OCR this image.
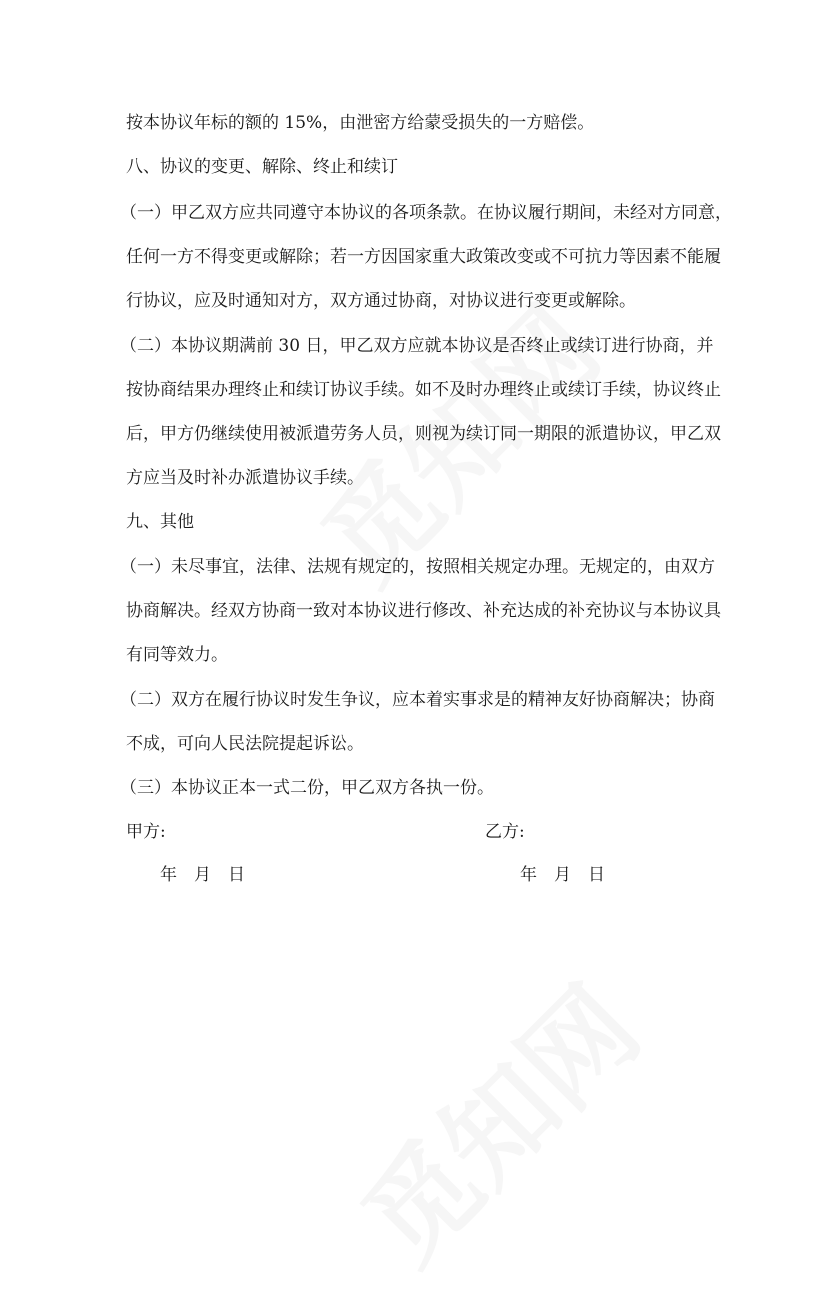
按本协议年标的额的 15%，由泄密方给蒙受损失的一方赔偿。
八、协议的变更、解除、终止和续订
（一）甲乙双方应共同遵守本协议的各项条款。在协议履行期间，未经对方同意，
任何一方不得变更或解除；若一方因国家重大政策改变或不可抗力等因素不能履
行协议，应及时通知对方，双方通过协商，对协议进行变更或解除。
（二）本协议期满前 30 日，甲乙双方应就本协议是否终止或续订进行协商，并
按协商结果办理终止和续订协议手续。如不及时办理终止或续订手续，协议终止
后，甲方仍继续使用被派遣劳务人员，则视为续订同一期限的派遣协议，甲乙双
方应当及时补办派遣协议手续。
九、其他
（一）未尽事宜，法律、法规有规定的，按照相关规定办理。无规定的，由双方
协商解决。经双方协商一致对本协议进行修改、补充达成的补充协议与本协议具
有同等效力。
（二）双方在履行协议时发生争议，应本着实事求是的精神友好协商解决；协商
不成，可向人民法院提起诉讼。
（三）本协议正本一式二份，甲乙双方各执一份。
甲方:	乙方:
年　月　日	年　月　日
